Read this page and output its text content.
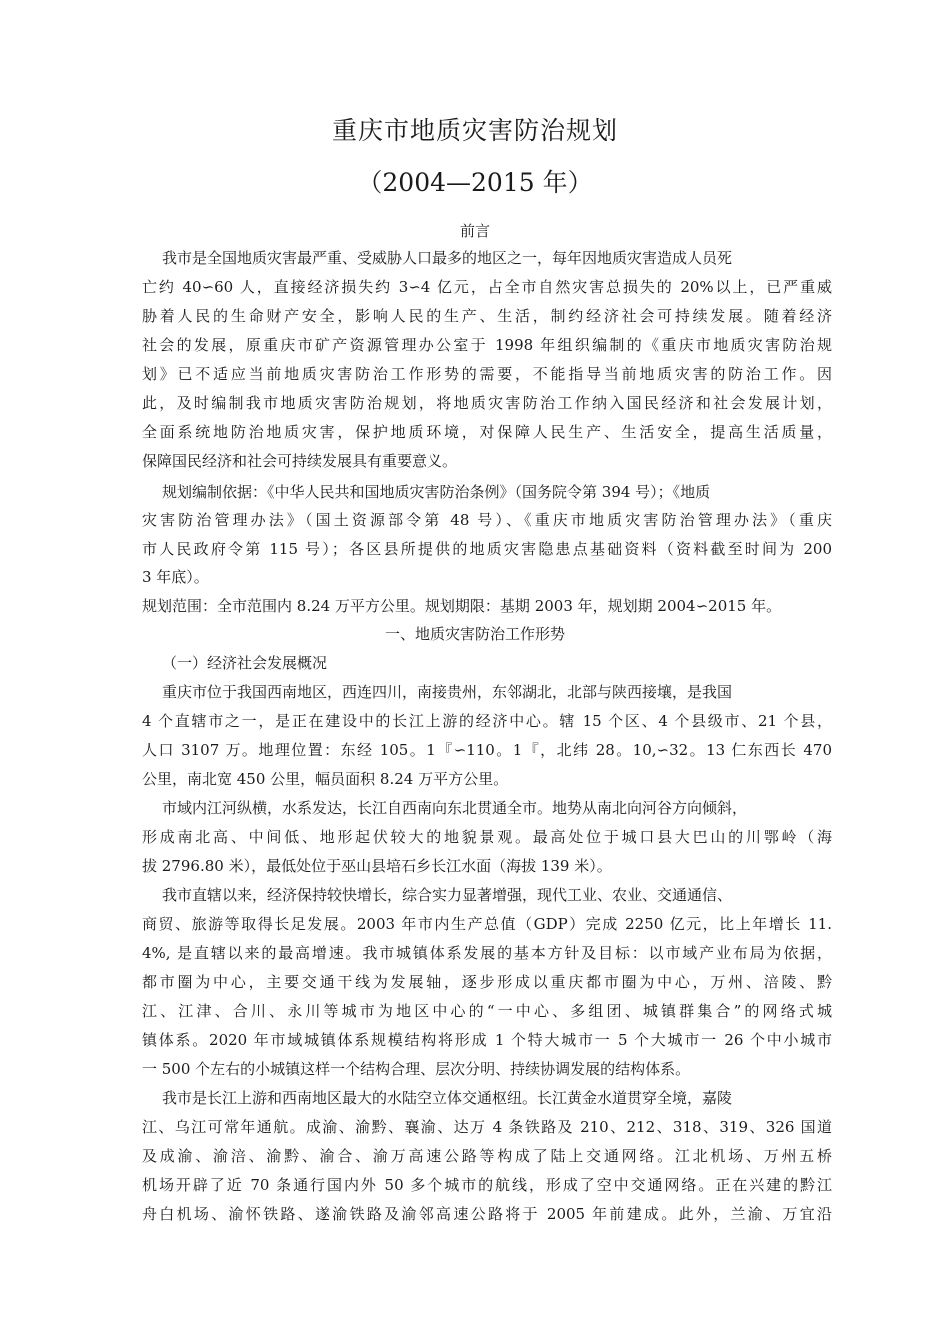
重庆市地质灾害防治规划
（2004—2015 年）
前言
我市是全国地质灾害最严重、受威胁人口最多的地区之一，每年因地质灾害造成人员死
亡约 40∽60 人，直接经济损失约 3∽4 亿元，占全市自然灾害总损失的 20%以上，已严重威
胁着人民的生命财产安全，影响人民的生产、生活，制约经济社会可持续发展。随着经济
社会的发展，原重庆市矿产资源管理办公室于 1998 年组织编制的《重庆市地质灾害防治规
划》已不适应当前地质灾害防治工作形势的需要，不能指导当前地质灾害的防治工作。因
此，及时编制我市地质灾害防治规划，将地质灾害防治工作纳入国民经济和社会发展计划，
全面系统地防治地质灾害，保护地质环境，对保障人民生产、生活安全，提高生活质量，
保障国民经济和社会可持续发展具有重要意义。
规划编制依据：《中华人民共和国地质灾害防治条例》（国务院令第 394 号）；《地质
灾害防治管理办法》（国土资源部令第 48 号）、《重庆市地质灾害防治管理办法》（重庆
市人民政府令第 115 号）；各区县所提供的地质灾害隐患点基础资料（资料截至时间为 200
3 年底）。
规划范围：全市范围内 8.24 万平方公里。规划期限：基期 2003 年，规划期 2004∽2015 年。
一、地质灾害防治工作形势
（一）经济社会发展概况
重庆市位于我国西南地区，西连四川，南接贵州，东邻湖北，北部与陕西接壤，是我国
4 个直辖市之一，是正在建设中的长江上游的经济中心。辖 15 个区、4 个县级市、21 个县，
人口 3107 万。地理位置：东经 105。1『∽110。1『，北纬 28。10,∽32。13 仁东西长 470
公里，南北宽 450 公里，幅员面积 8.24 万平方公里。
市域内江河纵横，水系发达，长江自西南向东北贯通全市。地势从南北向河谷方向倾斜，
形成南北高、中间低、地形起伏较大的地貌景观。最高处位于城口县大巴山的川鄂岭（海
拔 2796.80 米），最低处位于巫山县培石乡长江水面（海拔 139 米）。
我市直辖以来，经济保持较快增长，综合实力显著增强，现代工业、农业、交通通信、
商贸、旅游等取得长足发展。2003 年市内生产总值（GDP）完成 2250 亿元，比上年增长 11.
4%, 是直辖以来的最高增速。我市城镇体系发展的基本方针及目标：以市域产业布局为依据，
都市圈为中心，主要交通干线为发展轴，逐步形成以重庆都市圈为中心，万州、涪陵、黔
江、江津、合川、永川等城市为地区中心的“一中心、多组团、城镇群集合”的网络式城
镇体系。2020 年市域城镇体系规模结构将形成 1 个特大城市一 5 个大城市一 26 个中小城市
一 500 个左右的小城镇这样一个结构合理、层次分明、持续协调发展的结构体系。
我市是长江上游和西南地区最大的水陆空立体交通枢纽。长江黄金水道贯穿全境，嘉陵
江、乌江可常年通航。成渝、渝黔、襄渝、达万 4 条铁路及 210、212、318、319、326 国道
及成渝、渝涪、渝黔、渝合、渝万高速公路等构成了陆上交通网络。江北机场、万州五桥
机场开辟了近 70 条通行国内外 50 多个城市的航线，形成了空中交通网络。正在兴建的黔江
舟白机场、渝怀铁路、遂渝铁路及渝邻高速公路将于 2005 年前建成。此外，兰渝、万宜沿
